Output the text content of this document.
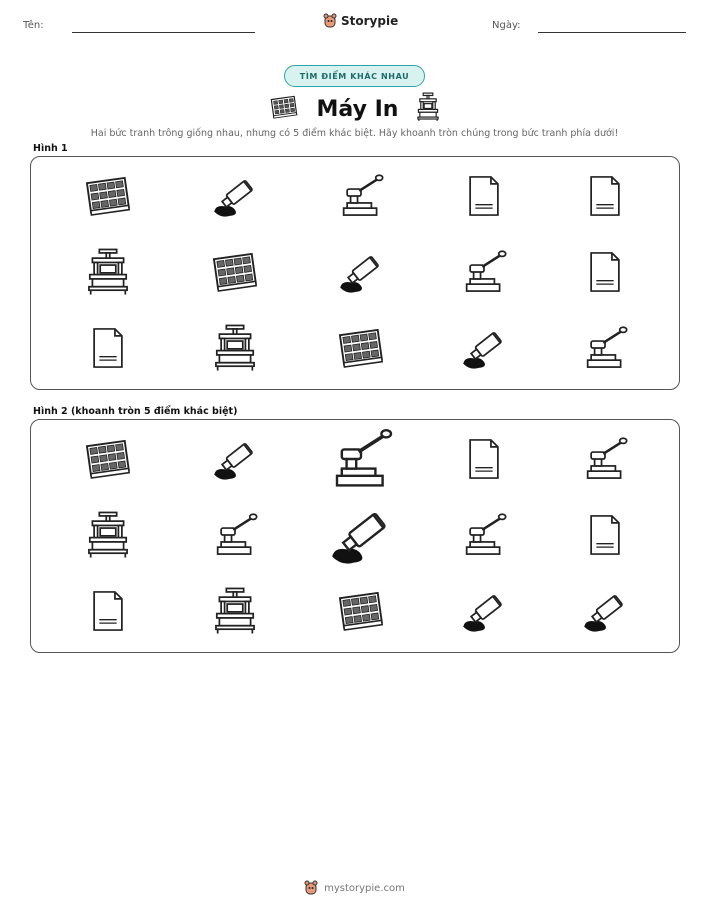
Tên:	Storypie	Ngày:
TÌM ĐIỂM KHÁC NHAU
Máy In
Hai bức tranh trông giống nhau, nhưng có 5 điểm khác biệt. Hãy khoanh tròn chúng trong bức tranh phía dưới!
Hình 1
Hình 2 (khoanh tròn 5 điểm khác biệt)
mystorypie.com
